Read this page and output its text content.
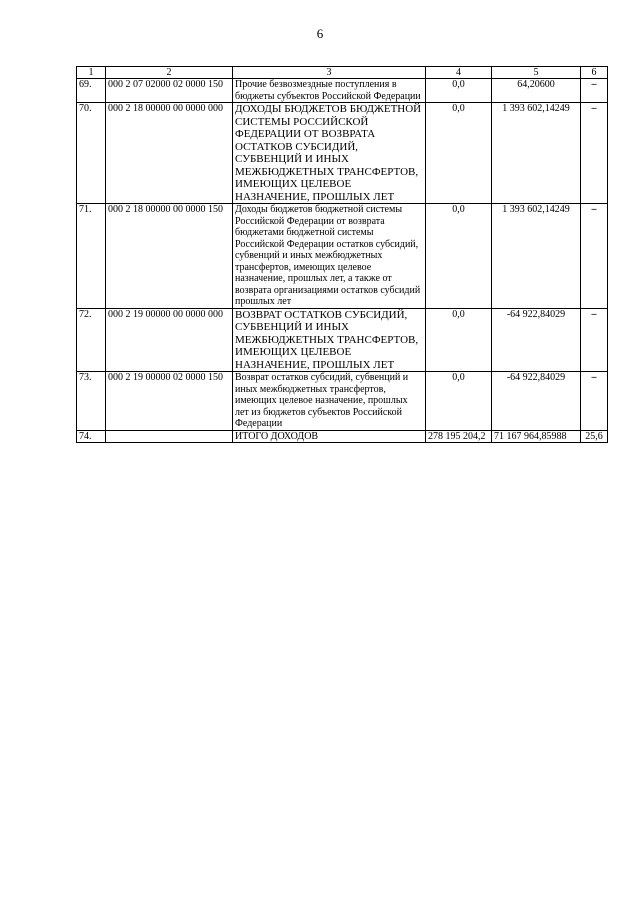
6
1	2	3	4	5	6
69.	000 2 07 02000 02 0000 150	Прочие безвозмездные поступления в бюджеты субъектов Российской Федерации	0,0	64,20600	–
70.	000 2 18 00000 00 0000 000	ДОХОДЫ БЮДЖЕТОВ БЮДЖЕТНОЙ СИСТЕМЫ РОССИЙСКОЙ ФЕДЕРАЦИИ ОТ ВОЗВРАТА ОСТАТКОВ СУБСИДИЙ, СУБВЕНЦИЙ И ИНЫХ МЕЖБЮДЖЕТНЫХ ТРАНСФЕРТОВ, ИМЕЮЩИХ ЦЕЛЕВОЕ НАЗНАЧЕНИЕ, ПРОШЛЫХ ЛЕТ	0,0	1 393 602,14249	–
71.	000 2 18 00000 00 0000 150	Доходы бюджетов бюджетной системы Российской Федерации от возврата бюджетами бюджетной системы Российской Федерации остатков субсидий, субвенций и иных межбюджетных трансфертов, имеющих целевое назначение, прошлых лет, а также от возврата организациями остатков субсидий прошлых лет	0,0	1 393 602,14249	–
72.	000 2 19 00000 00 0000 000	ВОЗВРАТ ОСТАТКОВ СУБСИДИЙ, СУБВЕНЦИЙ И ИНЫХ МЕЖБЮДЖЕТНЫХ ТРАНСФЕРТОВ, ИМЕЮЩИХ ЦЕЛЕВОЕ НАЗНАЧЕНИЕ, ПРОШЛЫХ ЛЕТ	0,0	-64 922,84029	–
73.	000 2 19 00000 02 0000 150	Возврат остатков субсидий, субвенций и иных межбюджетных трансфертов, имеющих целевое назначение, прошлых лет из бюджетов субъектов Российской Федерации	0,0	-64 922,84029	–
74.		ИТОГО ДОХОДОВ	278 195 204,2	71 167 964,85988	25,6
